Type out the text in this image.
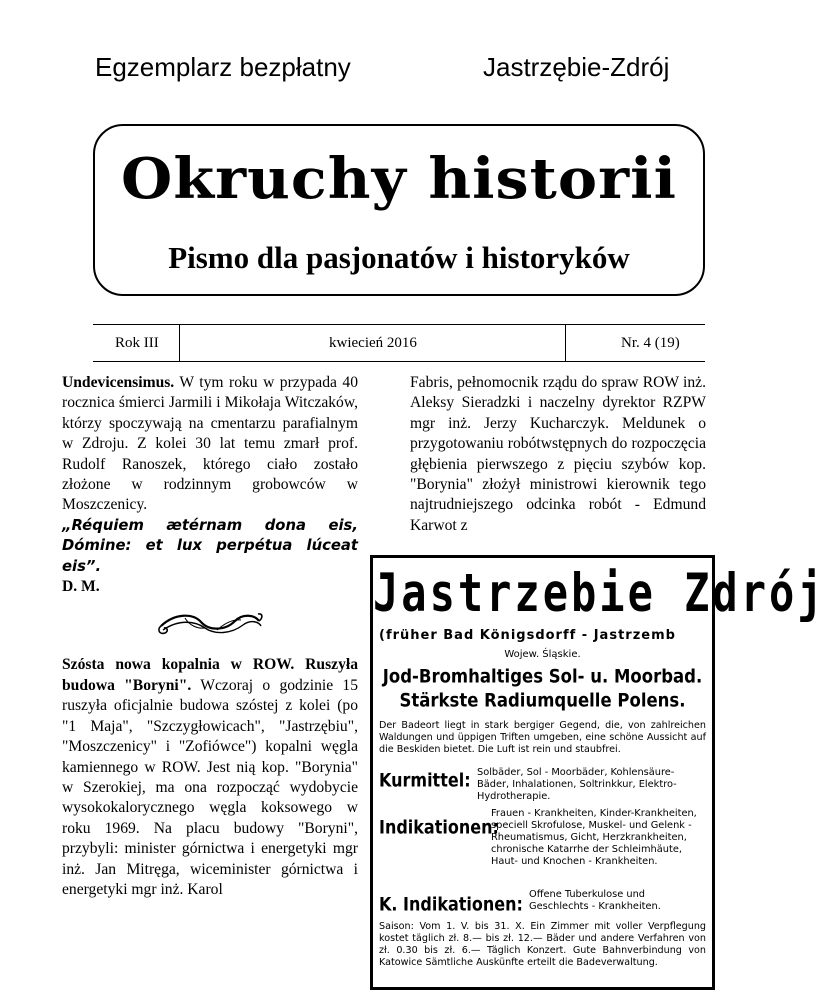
Egzemplarz bezpłatny	Jastrzębie-Zdrój
Okruchy historii
Pismo dla pasjonatów i historyków
Rok III	kwiecień 2016	Nr. 4 (19)

Undevicensimus. W tym roku w przypada 40 rocznica śmierci Jarmili i Mikołaja Witczaków, którzy spoczywają na cmentarzu parafialnym w Zdroju. Z kolei 30 lat temu zmarł prof. Rudolf Ranoszek, którego ciało zostało złożone w rodzinnym grobowców w Moszczenicy.

„Réquiem ætérnam dona eis, Dómine: et lux perpétua lúceat eis”.

D. M.

Szósta nowa kopalnia w ROW. Ruszyła budowa "Boryni". Wczoraj o godzinie 15 ruszyła oficjalnie budowa szóstej z kolei (po "1 Maja", "Szczygłowicach", "Jastrzębiu", "Moszczenicy" i "Zofiówce") kopalni węgla kamiennego w ROW. Jest nią kop. "Borynia" w Szerokiej, ma ona rozpocząć wydobycie wysokokalorycznego węgla koksowego w roku 1969. Na placu budowy "Boryni", przybyli: minister górnictwa i energetyki mgr inż. Jan Mitręga, wiceminister górnictwa i energetyki mgr inż. Karol

Fabris, pełnomocnik rządu do spraw ROW inż. Aleksy Sieradzki i naczelny dyrektor RZPW mgr inż. Jerzy Kucharczyk. Meldunek o przygotowaniu robótwstępnych do rozpoczęcia głębienia pierwszego z pięciu szybów kop. "Borynia" złożył ministrowi kierownik tego najtrudniejszego odcinka robót - Edmund Karwot z

Jastrzebie Zdrój
(früher Bad Königsdorff - Jastrzemb
Wojew. Śląskie.
Jod-Bromhaltiges Sol- u. Moorbad.
Stärkste Radiumquelle Polens.
Der Badeort liegt in stark bergiger Gegend, die, von zahlreichen Waldungen und üppigen Triften umgeben, eine schöne Aussicht auf die Beskiden bietet. Die Luft ist rein und staubfrei.
Kurmittel: Solbäder, Sol - Moorbäder, Kohlensäure-Bäder, Inhalationen, Soltrinkkur, Elektro- Hydrotherapie.
Indikationen:
Frauen - Krankheiten, Kinder-Krankheiten, speciell Skrofulose, Muskel- und Gelenk - Rheumatismus, Gicht, Herzkrankheiten, chronische Katarrhe der Schleimhäute, Haut- und Knochen - Krankheiten.
K. Indikationen: Offene Tuberkulose und Geschlechts - Krankheiten.
Saison: Vom 1. V. bis 31. X. Ein Zimmer mit voller Verpflegung kostet täglich zł. 8.— bis zł. 12.— Bäder und andere Verfahren von zł. 0.30 bis zł. 6.— Täglich Konzert. Gute Bahnverbindung von Katowice Sämtliche Auskünfte erteilt die Badeverwaltung.
